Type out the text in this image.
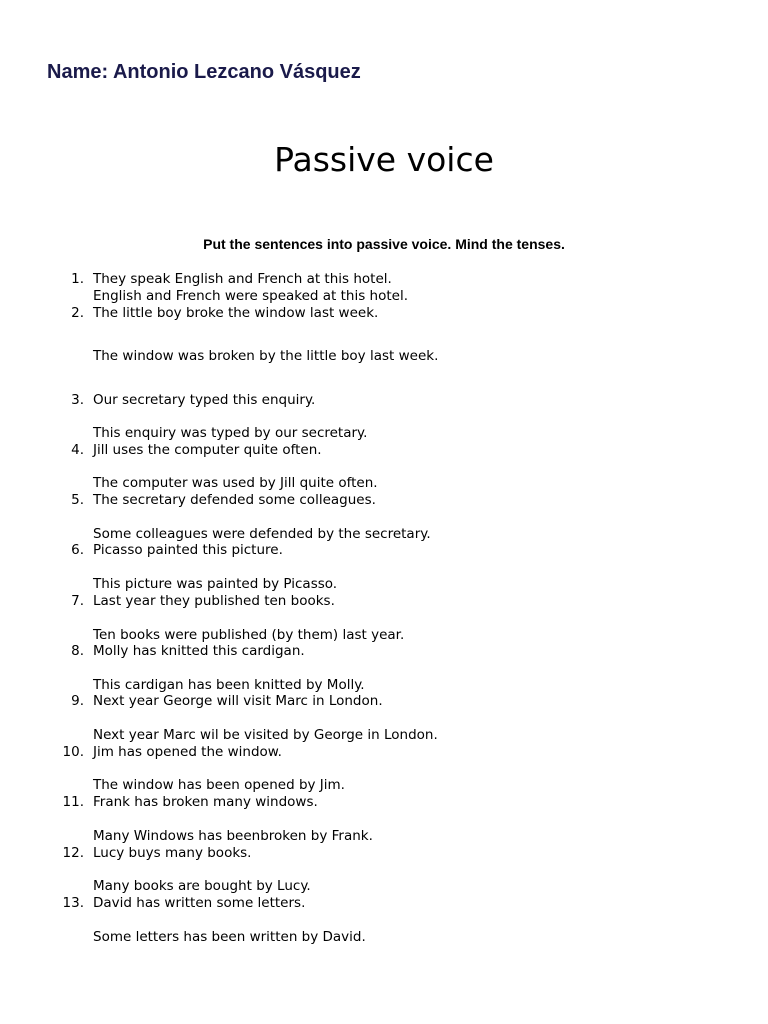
Name: Antonio Lezcano Vásquez
Passive voice
Put the sentences into passive voice. Mind the tenses.
1. They speak English and French at this hotel.
English and French were speaked at this hotel.
2. The little boy broke the window last week.
The window was broken by the little boy last week.
3. Our secretary typed this enquiry.
This enquiry was typed by our secretary.
4. Jill uses the computer quite often.
The computer was used by Jill quite often.
5. The secretary defended some colleagues.
Some colleagues were defended by the secretary.
6. Picasso painted this picture.
This picture was painted by Picasso.
7. Last year they published ten books.
Ten books were published (by them) last year.
8. Molly has knitted this cardigan.
This cardigan has been knitted by Molly.
9. Next year George will visit Marc in London.
Next year Marc wil be visited by George in London.
10. Jim has opened the window.
The window has been opened by Jim.
11. Frank has broken many windows.
Many Windows has beenbroken by Frank.
12. Lucy buys many books.
Many books are bought by Lucy.
13. David has written some letters.
Some letters has been written by David.
